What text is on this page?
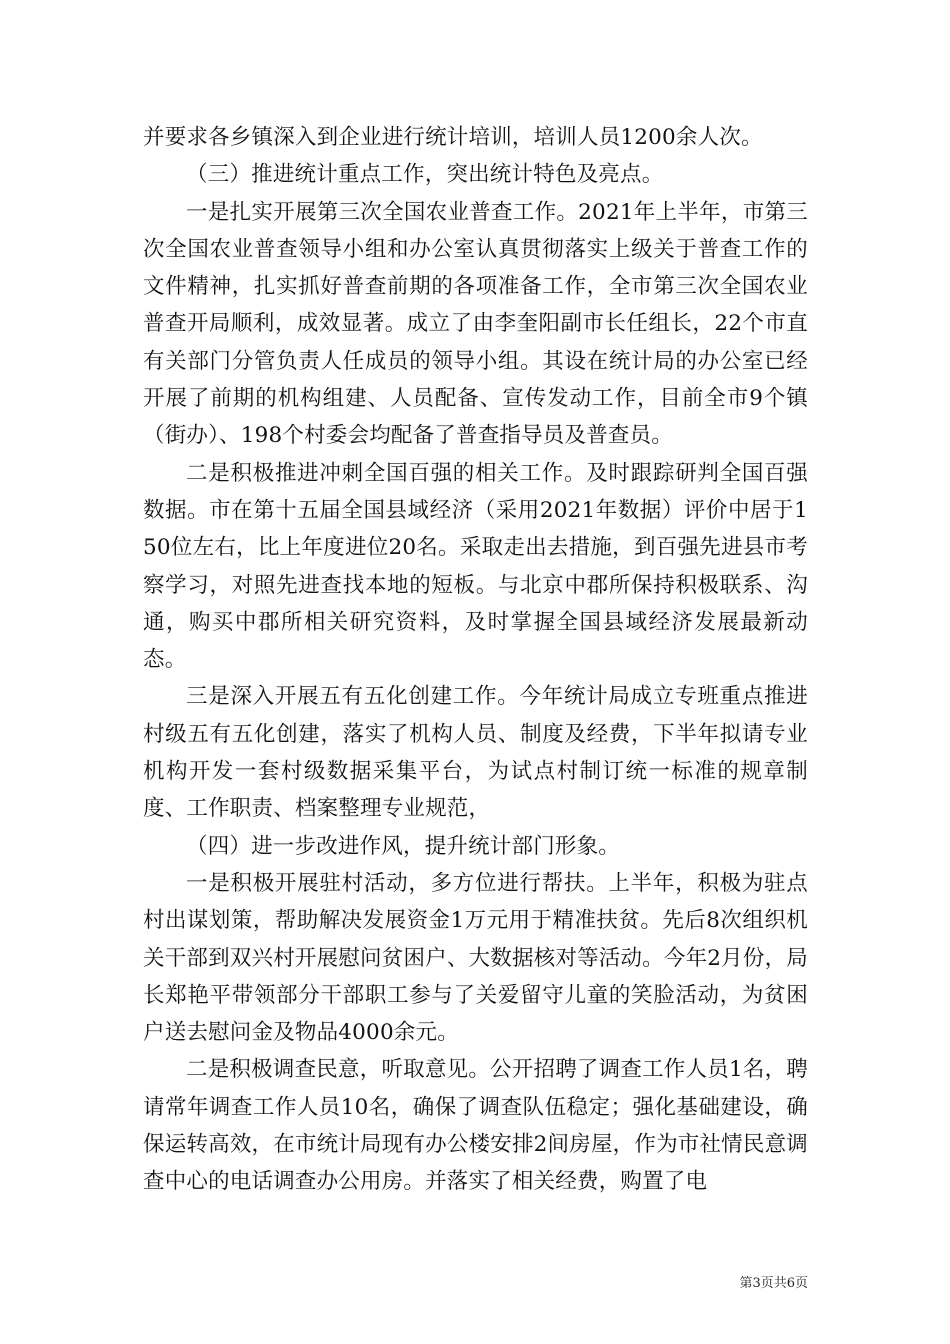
并要求各乡镇深入到企业进行统计培训，培训人员1200余人次。

（三）推进统计重点工作，突出统计特色及亮点。

一是扎实开展第三次全国农业普查工作。2021年上半年，市第三次全国农业普查领导小组和办公室认真贯彻落实上级关于普查工作的文件精神，扎实抓好普查前期的各项准备工作，全市第三次全国农业普查开局顺利，成效显著。成立了由李奎阳副市长任组长，22个市直有关部门分管负责人任成员的领导小组。其设在统计局的办公室已经开展了前期的机构组建、人员配备、宣传发动工作，目前全市9个镇（街办）、198个村委会均配备了普查指导员及普查员。

二是积极推进冲刺全国百强的相关工作。及时跟踪研判全国百强数据。市在第十五届全国县域经济（采用2021年数据）评价中居于150位左右，比上年度进位20名。采取走出去措施，到百强先进县市考察学习，对照先进查找本地的短板。与北京中郡所保持积极联系、沟通，购买中郡所相关研究资料，及时掌握全国县域经济发展最新动态。

三是深入开展五有五化创建工作。今年统计局成立专班重点推进村级五有五化创建，落实了机构人员、制度及经费，下半年拟请专业机构开发一套村级数据采集平台，为试点村制订统一标准的规章制度、工作职责、档案整理专业规范，

（四）进一步改进作风，提升统计部门形象。

一是积极开展驻村活动，多方位进行帮扶。上半年，积极为驻点村出谋划策，帮助解决发展资金1万元用于精准扶贫。先后8次组织机关干部到双兴村开展慰问贫困户、大数据核对等活动。今年2月份，局长郑艳平带领部分干部职工参与了关爱留守儿童的笑脸活动，为贫困户送去慰问金及物品4000余元。

二是积极调查民意，听取意见。公开招聘了调查工作人员1名，聘请常年调查工作人员10名，确保了调查队伍稳定；强化基础建设，确保运转高效，在市统计局现有办公楼安排2间房屋，作为市社情民意调查中心的电话调查办公用房。并落实了相关经费，购置了电

第3页共6页
